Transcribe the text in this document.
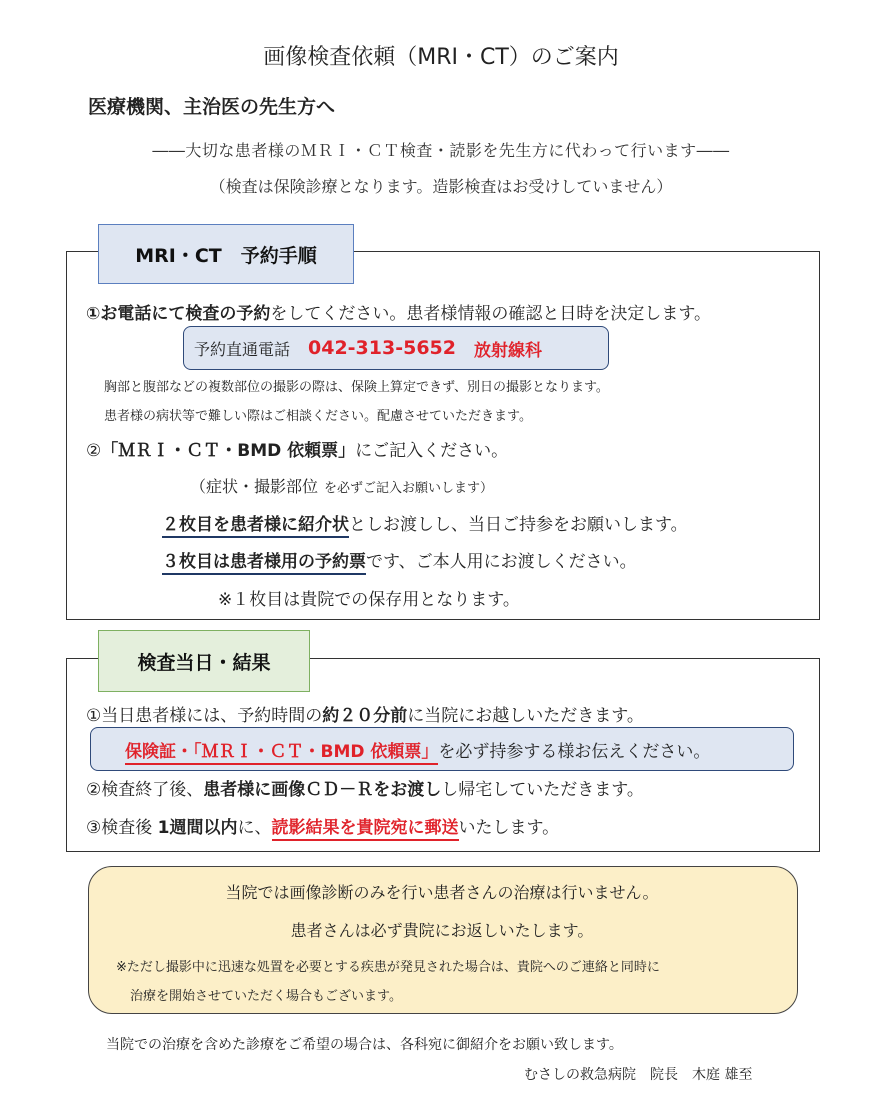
画像検査依頼（MRI・CT）のご案内
医療機関、主治医の先生方へ
――大切な患者様のＭＲＩ・ＣＴ検査・読影を先生方に代わって行います――
（検査は保険診療となります。造影検査はお受けしていません）
MRI・CT　予約手順
①お電話にて検査の予約をしてください。患者様情報の確認と日時を決定します。
予約直通電話 042-313-5652 放射線科
胸部と腹部などの複数部位の撮影の際は、保険上算定できず、別日の撮影となります。
患者様の病状等で難しい際はご相談ください。配慮させていただきます。
②「ＭＲＩ・ＣＴ・BMD 依頼票」にご記入ください。
（症状・撮影部位 を必ずご記入お願いします）
２枚目を患者様に紹介状としお渡しし、当日ご持参をお願いします。
３枚目は患者様用の予約票です、ご本人用にお渡しください。
※１枚目は貴院での保存用となります。
検査当日・結果
①当日患者様には、予約時間の約２０分前に当院にお越しいただきます。
保険証・「ＭＲＩ・ＣＴ・BMD 依頼票」を必ず持参する様お伝えください。
②検査終了後、患者様に画像ＣＤ－Ｒをお渡しし帰宅していただきます。
③検査後 1週間以内に、読影結果を貴院宛に郵送いたします。
当院では画像診断のみを行い患者さんの治療は行いません。
患者さんは必ず貴院にお返しいたします。
※ただし撮影中に迅速な処置を必要とする疾患が発見された場合は、貴院へのご連絡と同時に
治療を開始させていただく場合もございます。
当院での治療を含めた診療をご希望の場合は、各科宛に御紹介をお願い致します。
むさしの救急病院　院長　木庭 雄至
